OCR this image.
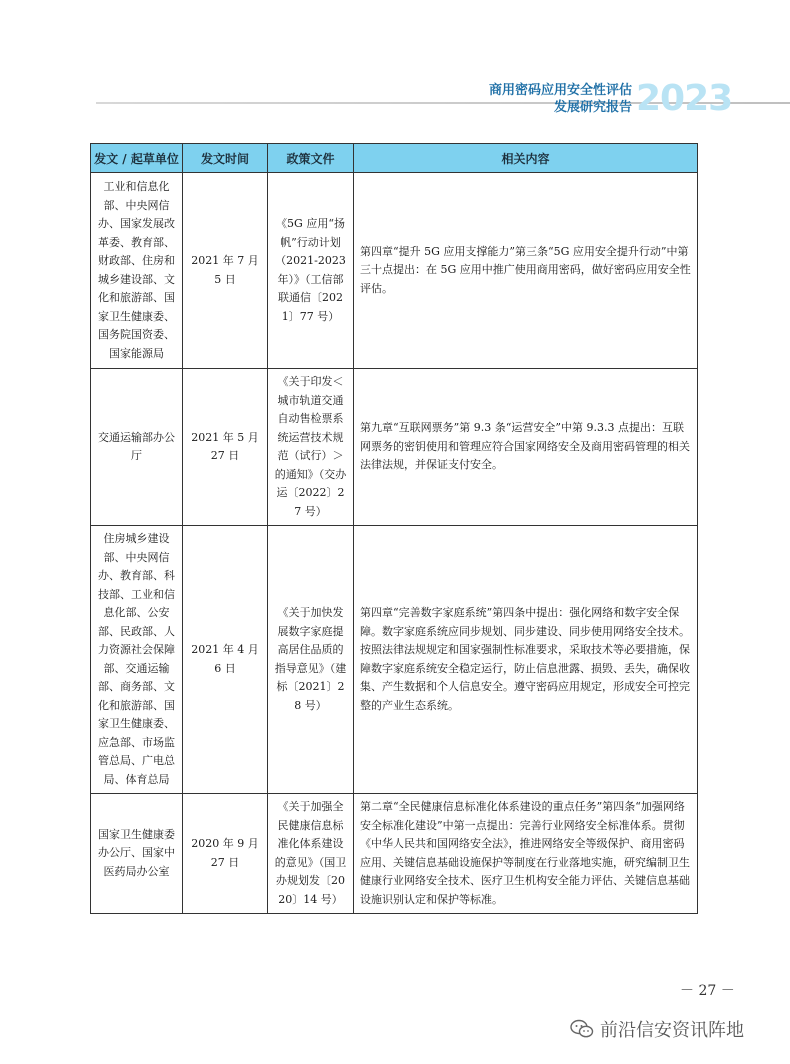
商用密码应用安全性评估
发展研究报告 2023
发文 / 起草单位	发文时间	政策文件	相关内容
工业和信息化部、中央网信办、国家发展改革委、教育部、财政部、住房和城乡建设部、文化和旅游部、国家卫生健康委、国务院国资委、国家能源局	2021 年 7 月 5 日	《5G 应用“扬帆”行动计划（2021-2023 年）》（工信部联通信〔2021〕77 号）	第四章“提升 5G 应用支撑能力”第三条“5G 应用安全提升行动”中第三十点提出：在 5G 应用中推广使用商用密码，做好密码应用安全性评估。
交通运输部办公厅	2021 年 5 月 27 日	《关于印发＜城市轨道交通自动售检票系统运营技术规范（试行）＞的通知》（交办运〔2022〕27 号）	第九章“互联网票务”第 9.3 条“运营安全”中第 9.3.3 点提出：互联网票务的密钥使用和管理应符合国家网络安全及商用密码管理的相关法律法规，并保证支付安全。
住房城乡建设部、中央网信办、教育部、科技部、工业和信息化部、公安部、民政部、人力资源社会保障部、交通运输部、商务部、文化和旅游部、国家卫生健康委、应急部、市场监管总局、广电总局、体育总局	2021 年 4 月 6 日	《关于加快发展数字家庭提高居住品质的指导意见》（建标〔2021〕28 号）	第四章“完善数字家庭系统”第四条中提出：强化网络和数字安全保障。数字家庭系统应同步规划、同步建设、同步使用网络安全技术。按照法律法规规定和国家强制性标准要求，采取技术等必要措施，保障数字家庭系统安全稳定运行，防止信息泄露、损毁、丢失，确保收集、产生数据和个人信息安全。遵守密码应用规定，形成安全可控完整的产业生态系统。
国家卫生健康委办公厅、国家中医药局办公室	2020 年 9 月 27 日	《关于加强全民健康信息标准化体系建设的意见》（国卫办规划发〔2020〕14 号）	第二章“全民健康信息标准化体系建设的重点任务”第四条“加强网络安全标准化建设”中第一点提出：完善行业网络安全标准体系。贯彻《中华人民共和国网络安全法》，推进网络安全等级保护、商用密码应用、关键信息基础设施保护等制度在行业落地实施，研究编制卫生健康行业网络安全技术、医疗卫生机构安全能力评估、关键信息基础设施识别认定和保护等标准。
－ 27 －
前沿信安资讯阵地
